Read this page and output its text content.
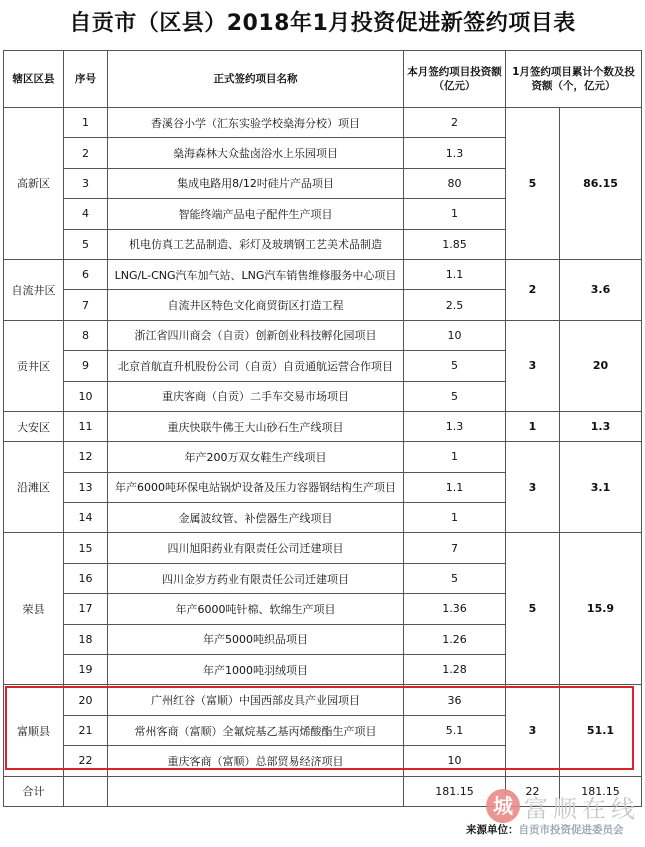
自贡市（区县）2018年1月投资促进新签约项目表
辖区区县	序号	正式签约项目名称	本月签约项目投资额（亿元）	1月签约项目累计个数及投资额（个，亿元）	
高新区	1	香溪谷小学（汇东实验学校燊海分校）项目	2	5	86.15
	2	燊海森林大众盐卤浴水上乐园项目	1.3		
	3	集成电路用8/12吋硅片产品项目	80		
	4	智能终端产品电子配件生产项目	1		
	5	机电仿真工艺品制造、彩灯及玻璃钢工艺美术品制造	1.85		
自流井区	6	LNG/L-CNG汽车加气站、LNG汽车销售维修服务中心项目	1.1	2	3.6
	7	自流井区特色文化商贸街区打造工程	2.5		
贡井区	8	浙江省四川商会（自贡）创新创业科技孵化园项目	10	3	20
	9	北京首航直升机股份公司（自贡）自贡通航运营合作项目	5		
	10	重庆客商（自贡）二手车交易市场项目	5		
大安区	11	重庆快联牛佛王大山砂石生产线项目	1.3	1	1.3
沿滩区	12	年产200万双女鞋生产线项目	1	3	3.1
	13	年产6000吨环保电站锅炉设备及压力容器钢结构生产项目	1.1		
	14	金属波纹管、补偿器生产线项目	1		
荣县	15	四川旭阳药业有限责任公司迁建项目	7	5	15.9
	16	四川金岁方药业有限责任公司迁建项目	5		
	17	年产6000吨针棉、软绵生产项目	1.36		
	18	年产5000吨织品项目	1.26		
	19	年产1000吨羽绒项目	1.28		
富顺县	20	广州红谷（富顺）中国西部皮具产业园项目	36	3	51.1
	21	常州客商（富顺）全氟烷基乙基丙烯酸酯生产项目	5.1		
	22	重庆客商（富顺）总部贸易经济项目	10		
合计			181.15	22	181.15
城 富顺在线
来源单位：自贡市投资促进委员会
